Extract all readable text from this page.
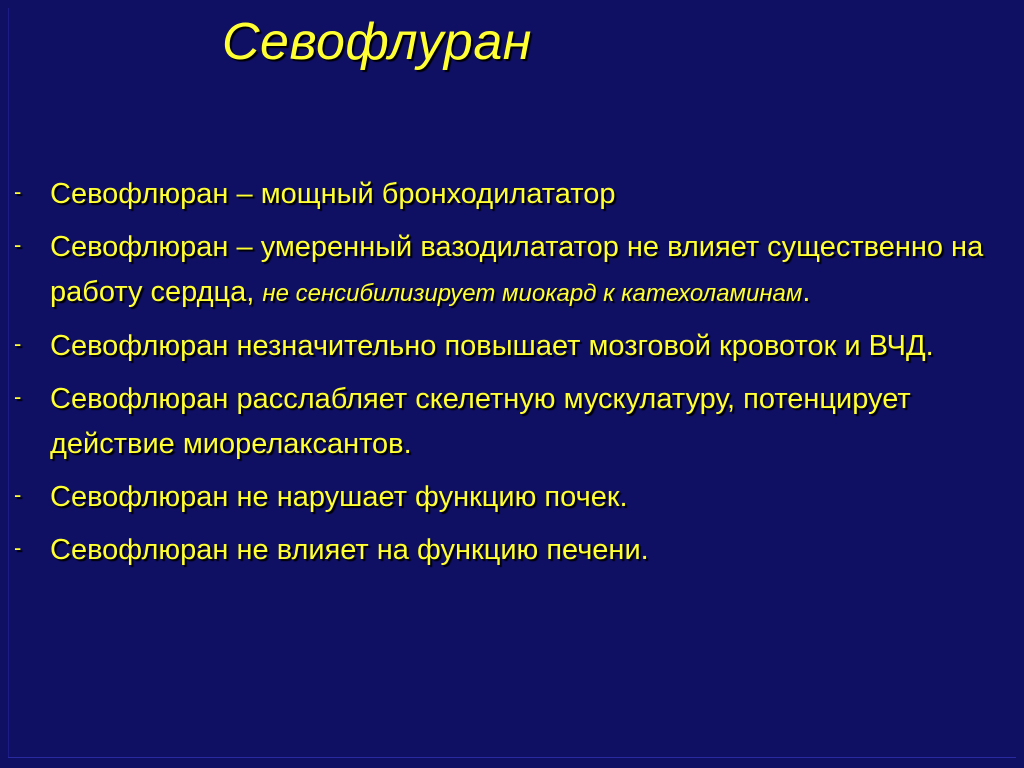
Севофлуран
- Севофлюран – мощный бронходилататор
- Севофлюран – умеренный вазодилататор не влияет существенно на работу сердца, не сенсибилизирует миокард к катехоламинам.
- Севофлюран незначительно повышает мозговой кровоток и ВЧД.
- Севофлюран расслабляет скелетную мускулатуру, потенцирует действие миорелаксантов.
- Севофлюран не нарушает функцию почек.
- Севофлюран не влияет на функцию печени.
